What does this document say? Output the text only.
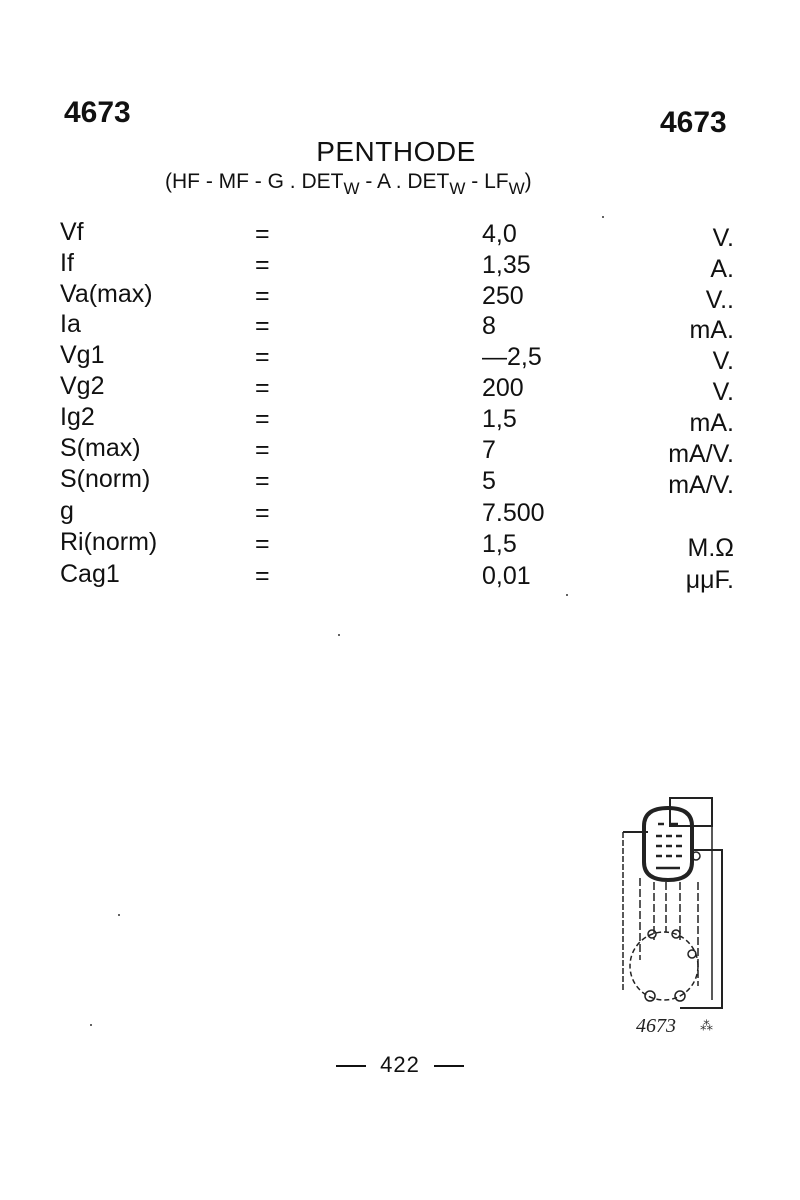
4673	4673
PENTHODE
(HF - MF - G . $DET_W$ - A . $DET_W - LF_W$)
Vf	=	4,0	V.
If	=	1,35	A.
Va(max)	=	250	V..
Ia	=	8	mA.
Vg1	=	—2,5	V.
Vg2	=	200	V.
Ig2	=	1,5	mA.
S(max)	=	7	mA/V.
S(norm)	=	5	mA/V.
g	=	7.500
Ri(norm)	=	1,5	M.Ω
Cag1	=	0,01	μμF.
4673 ⁂
422
